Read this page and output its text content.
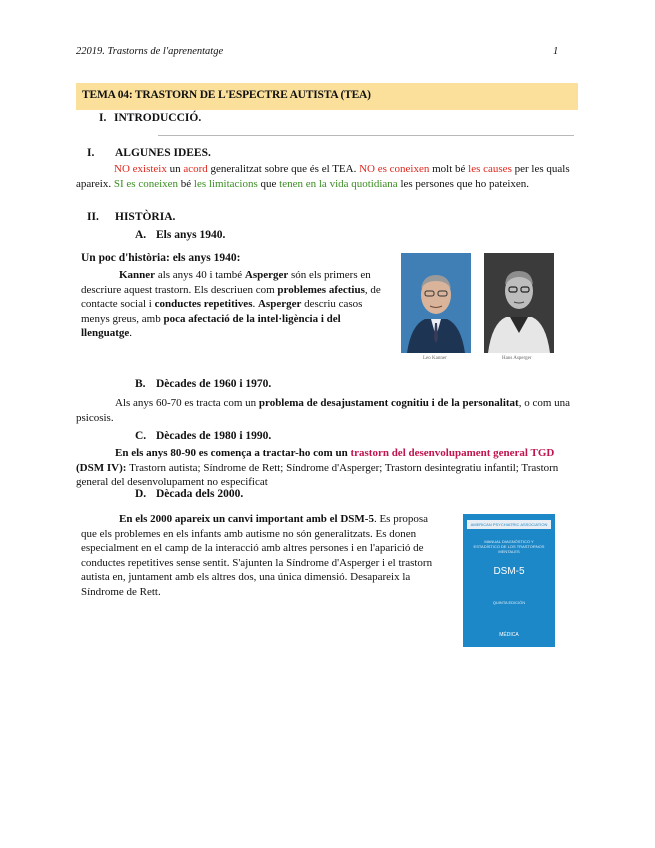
22019. Trastorns de l'aprenentatge	1
TEMA 04: TRASTORN DE L'ESPECTRE AUTISTA (TEA)
I. INTRODUCCIÓ.
I. ALGUNES IDEES.
NO existeix un acord generalitzat sobre que és el TEA. NO es coneixen molt bé les causes per les quals apareix. SI es coneixen bé les limitacions que tenen en la vida quotidiana les persones que ho pateixen.
II. HISTÒRIA.
A. Els anys 1940.
Un poc d'història: els anys 1940:
Kanner als anys 40 i també Asperger són els primers en descriure aquest trastorn. Els descriuen com problemes afectius, de contacte social i conductes repetitives. Asperger descriu casos menys greus, amb poca afectació de la intel·ligència i del llenguatge.
Leo Kanner	Hans Asperger
B. Dècades de 1960 i 1970.
Als anys 60-70 es tracta com un problema de desajustament cognitiu i de la personalitat, o com una psicosis.
C. Dècades de 1980 i 1990.
En els anys 80-90 es comença a tractar-ho com un trastorn del desenvolupament general TGD (DSM IV): Trastorn autista; Síndrome de Rett; Síndrome d'Asperger; Trastorn desintegratiu infantil; Trastorn general del desenvolupament no especificat
D. Dècada dels 2000.
En els 2000 apareix un canvi important amb el DSM-5. Es proposa que els problemes en els infants amb autisme no són generalitzats. Es donen especialment en el camp de la interacció amb altres persones i en l'aparició de conductes repetitives sense sentit. S'ajunten la Síndrome d'Asperger i el trastorn autista en, juntament amb els altres dos, una única dimensió. Desapareix la Síndrome de Rett.
AMERICAN PSYCHIATRIC ASSOCIATION
MANUAL DIAGNÓSTICO Y ESTADÍSTICO DE LOS TRASTORNOS MENTALES
DSM-5
QUINTA EDICIÓN
MÉDICA
